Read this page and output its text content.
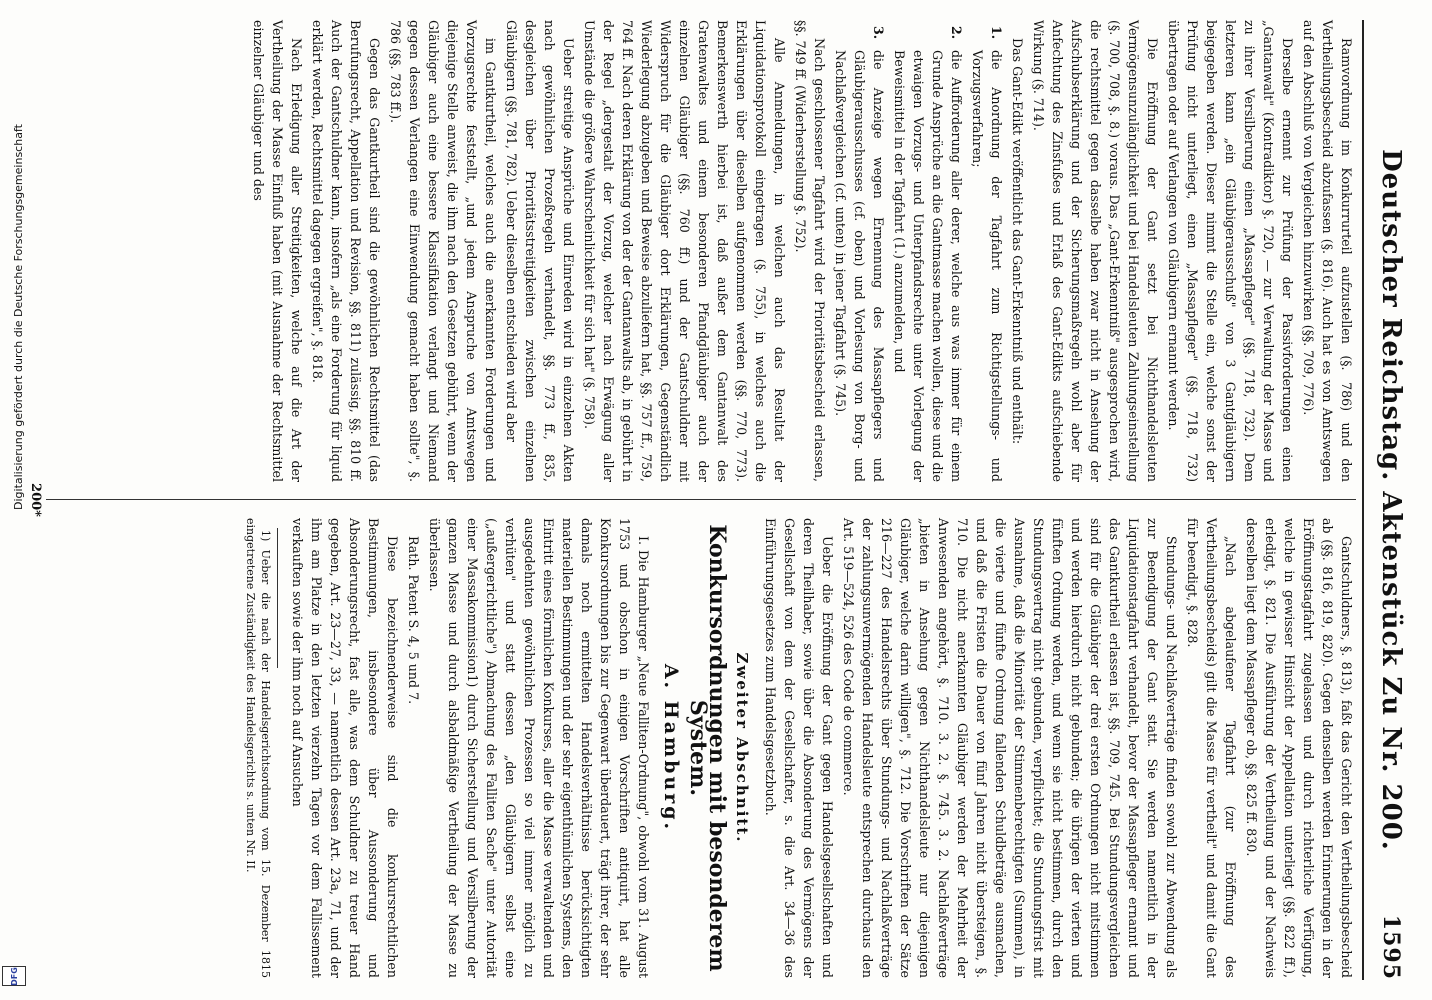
Deutscher Reichstag. Aktenstück Zu Nr. 200.
1595

Ramvordnung im Konkurrurteil aufzustellen (§. 786) und den Vertheilungsbescheid abzufassen (§. 816). Auch hat es von Amtswegen auf den Abschluß von Vergleichen hinzuwirken (§§. 709, 776).

Derselbe ernennt zur Prüfung der Passivforderungen einen „Gantanwalt" (Kontradiktor) §. 720, — zur Verwaltung der Masse und zu ihrer Versilberung einen „Massapfleger" (§§. 718, 732). Dem letzteren kann „ein Gläubigerausschuß" von 3 Gantgläubigern beigegeben werden. Dieser nimmt die Stelle ein, welche sonst der Prüfung nicht unterliegt, einen „Massapfleger" (§§. 718, 732) übertragen oder auf Verlangen von Gläubigern ernannt werden.

Die Eröffnung der Gant setzt bei Nichthandelsleuten Vermögensunzulänglichkeit und bei Handelsleuten Zahlungseinstellung (§. 700, 708, §. 8.) voraus. Das „Gant-Erkenntniß" ausgesprochen wird, die rechtsmittel gegen dasselbe haben zwar nicht in Ansehung der Aufschubserklärung und der Sicherungsmaßregeln wohl aber für Anfechtung des Zinsfußes und Erlaß des Gant-Edikts aufschiebende Wirkung (§. 714).

Das Gant-Edikt veröffentlicht das Gant-Erkenntniß und enthält:

1.
die Anordnung der Tagfahrt zum Richtigstellungs- und Vorzugsverfahren;

2.
die Aufforderung aller derer, welche aus was immer für einem Grunde Ansprüche an die Gantmasse machen wollen, diese und die etwaigen Vorzugs- und Unterpfandsrechte unter Vorlegung der Beweismittel in der Tagfahrt (1.) anzumelden, und

3.
die Anzeige wegen Ernennung des Massapflegers und Gläubigerausschusses (cf. oben) und Vorlesung von Borg- und Nachlaßvergleichen (cf. unten) in jener Tagfahrt (§. 745).

Nach geschlossener Tagfahrt wird der Prioritätsbescheid erlassen, §§. 749 ff. (Widerherstellung §. 752).

Alle Anmeldungen, in welchen auch das Resultat der Liquidationsprotokoll eingetragen (§. 755), in welches auch die Erklärungen über dieselben aufgenommen werden (§§. 770, 773). Bemerkenswerth hierbei ist, daß außer dem Gantanwalt des Gratenwaltes und einem besonderen Pfandgläubiger auch der einzelnen Gläubiger (§§. 760 ff.) und der Gantschuldner mit Widerspruch für die Gläubiger dort Erklärungen, Gegenständlich Wiederlegung abzugeben und Beweise abzuliefern hat, §§. 757 ff., 759, 764 ff. Nach deren Erklärung von der der Gantanwalts ab, in gebührt in der Regel „dergestalt der Vorzug, welcher nach Erwägung aller Umstände die größere Wahrscheinlichkeit für sich hat" (§. 758).

Ueber streitige Ansprüche und Einreden wird in einzelnen Akten nach gewöhnlichen Prozeßregeln verhandelt, §§. 773 ff., 835, desgleichen über Prioritätsstreitigkeiten zwischen einzelnen Gläubigern (§§. 781, 782). Ueber dieselben entschieden wird aber

im Gantkurtheil, welches auch die anerkannten Forderungen und Vorzugsrechte feststellt, „und jedem Anspruche von Amtswegen diejenige Stelle anweist, die ihm nach den Gesetzen gebührt, wenn der Gläubiger auch eine bessere Klassifikation verlangt und Niemand gegen dessen Verlangen eine Einwendung gemacht haben sollte", §. 786 (§§. 783 ff.).

Gegen das Gantkurtheil sind die gewöhnlichen Rechtsmittel (das Berufungsrecht, Appellation und Revision, §§. 811) zulässig, §§. 810 ff. Auch der Gantschuldner kann, insofern „als eine Forderung für liquid erklärt werden, Rechtsmittel dagegen ergreifen", §. 818.

Nach Erledigung aller Streitigkeiten, welche auf die Art der Vertheilung der Masse Einfluß haben (mit Ausnahme der Rechtsmittel einzelner Gläubiger und des

Gantschuldners, §. 813), faßt das Gericht den Vertheilungsbescheid ab (§§. 816, 819, 820). Gegen denselben werden Erinnerungen in der Eröffnungstagfahrt zugelassen und durch richterliche Verfügung, welche in gewisser Hinsicht der Appellation unterliegt (§§. 822 ff.), erledigt, §. 821. Die Ausführung der Vertheilung und der Nachweis derselben liegt dem Massapfleger ob, §§. 825 ff. 830.

„Nach abgelaufener Tagfahrt (zur Eröffnung des Vertheilungsbescheids) gilt die Masse für vertheilt" und damit die Gant für beendigt, §. 828.

Stundungs- und Nachlaßverträge finden sowohl zur Abwendung als zur Beendigung der Gant statt. Sie werden namentlich in der Liquidationstagfahrt verhandelt, bevor der Massapfleger ernannt und das Gantkurtheil erlassen ist, §§. 709, 745. Bei Stundungsvergleichen sind für die Gläubiger der drei ersten Ordnungen nicht mitstimmen und werden hierdurch nicht gebunden; die übrigen der vierten und fünften Ordnung werden, und wenn sie nicht bestimmen, durch den Stundungsvertrag nicht gebunden, verpflichtet; die Stundungsfrist mit Ausnahme, daß die Minorität der Stimmenberechtigten (Summen), in die vierte und fünfte Ordnung fallenden Schuldbeträge ausmachen, und daß die Fristen die Dauer von fünf Jahren nicht übersteigen, §. 710. Die nicht anerkannten Gläubiger werden der Mehrheit der Anwesenden angehört, §. 710. 3. 2. §. 745. 3. 2. Nachlaßverträge „bieten in Ansehung gegen Nichthandelsleute nur diejenigen Gläubiger, welche darin willigen", §. 712. Die Vorschriften der Sätze 216—227 des Handelsrechts über Stundungs- und Nachlaßverträge der zahlungsunvermögenden Handelsleute entsprechen durchaus den Art. 519—524, 526 des Code de commerce.

Ueber die Eröffnung der Gant gegen Handelsgesellschaften und deren Theilhaber, sowie über die Absonderung des Vermögens der Gesellschaft von dem der Gesellschafter, s. die Art. 34—36 des Einführungsgesetzes zum Handelsgesetzbuch.

Zweiter Abschnitt.
Konkursordnungen mit besonderem System.
A. Hamburg.

I. Die Hamburger „Neue Falliten-Ordnung", obwohl vom 31. August 1753 und obschon in einigen Vorschriften antiquirt, hat alle Konkursordnungen bis zur Gegenwart überdauert, trägt ihrer, der sehr damals noch ermittelten Handelsverhältnisse berücksichtigten materiellen Bestimmungen und der sehr eigenthümlichen Systems, den Eintritt eines förmlichen Konkurses, aller die Masse verwaltenden und ausgedehnten gewöhnlichen Prozessen so viel immer möglich zu verhüten" und statt dessen „den Gläubigern selbst eine („außergerichtliche") Abmachung des Falliten Sache" unter Autorität einer Massakommission1) durch Sicherstellung und Versilberung der ganzen Masse und durch alsbaldmäßige Vertheilung der Masse zu überlassen.

Rath. Patent S. 4, 5 und 7.

Diese bezeichnenderweise sind die konkursrechtlichen Bestimmungen, insbesondere über Aussonderung und Absonderungsrecht, fast alle, was dem Schuldner zu treuer Hand gegeben, Art. 23—27, 33, — namentlich dessen Art. 23a, 71, und der ihm am Platze in den letzten vierzehn Tagen vor dem Fallissement verkauften sowie der ihm noch auf Ansuchen

1) Ueber die nach der Handelsgerichtsordnung vom 15. Dezember 1815 eingetretene Zuständigkeit des Handelsgerichts s. unten Nr. II.

200*
Digitalisierung gefördert durch die Deutsche Forschungsgemeinschaft
DFG
